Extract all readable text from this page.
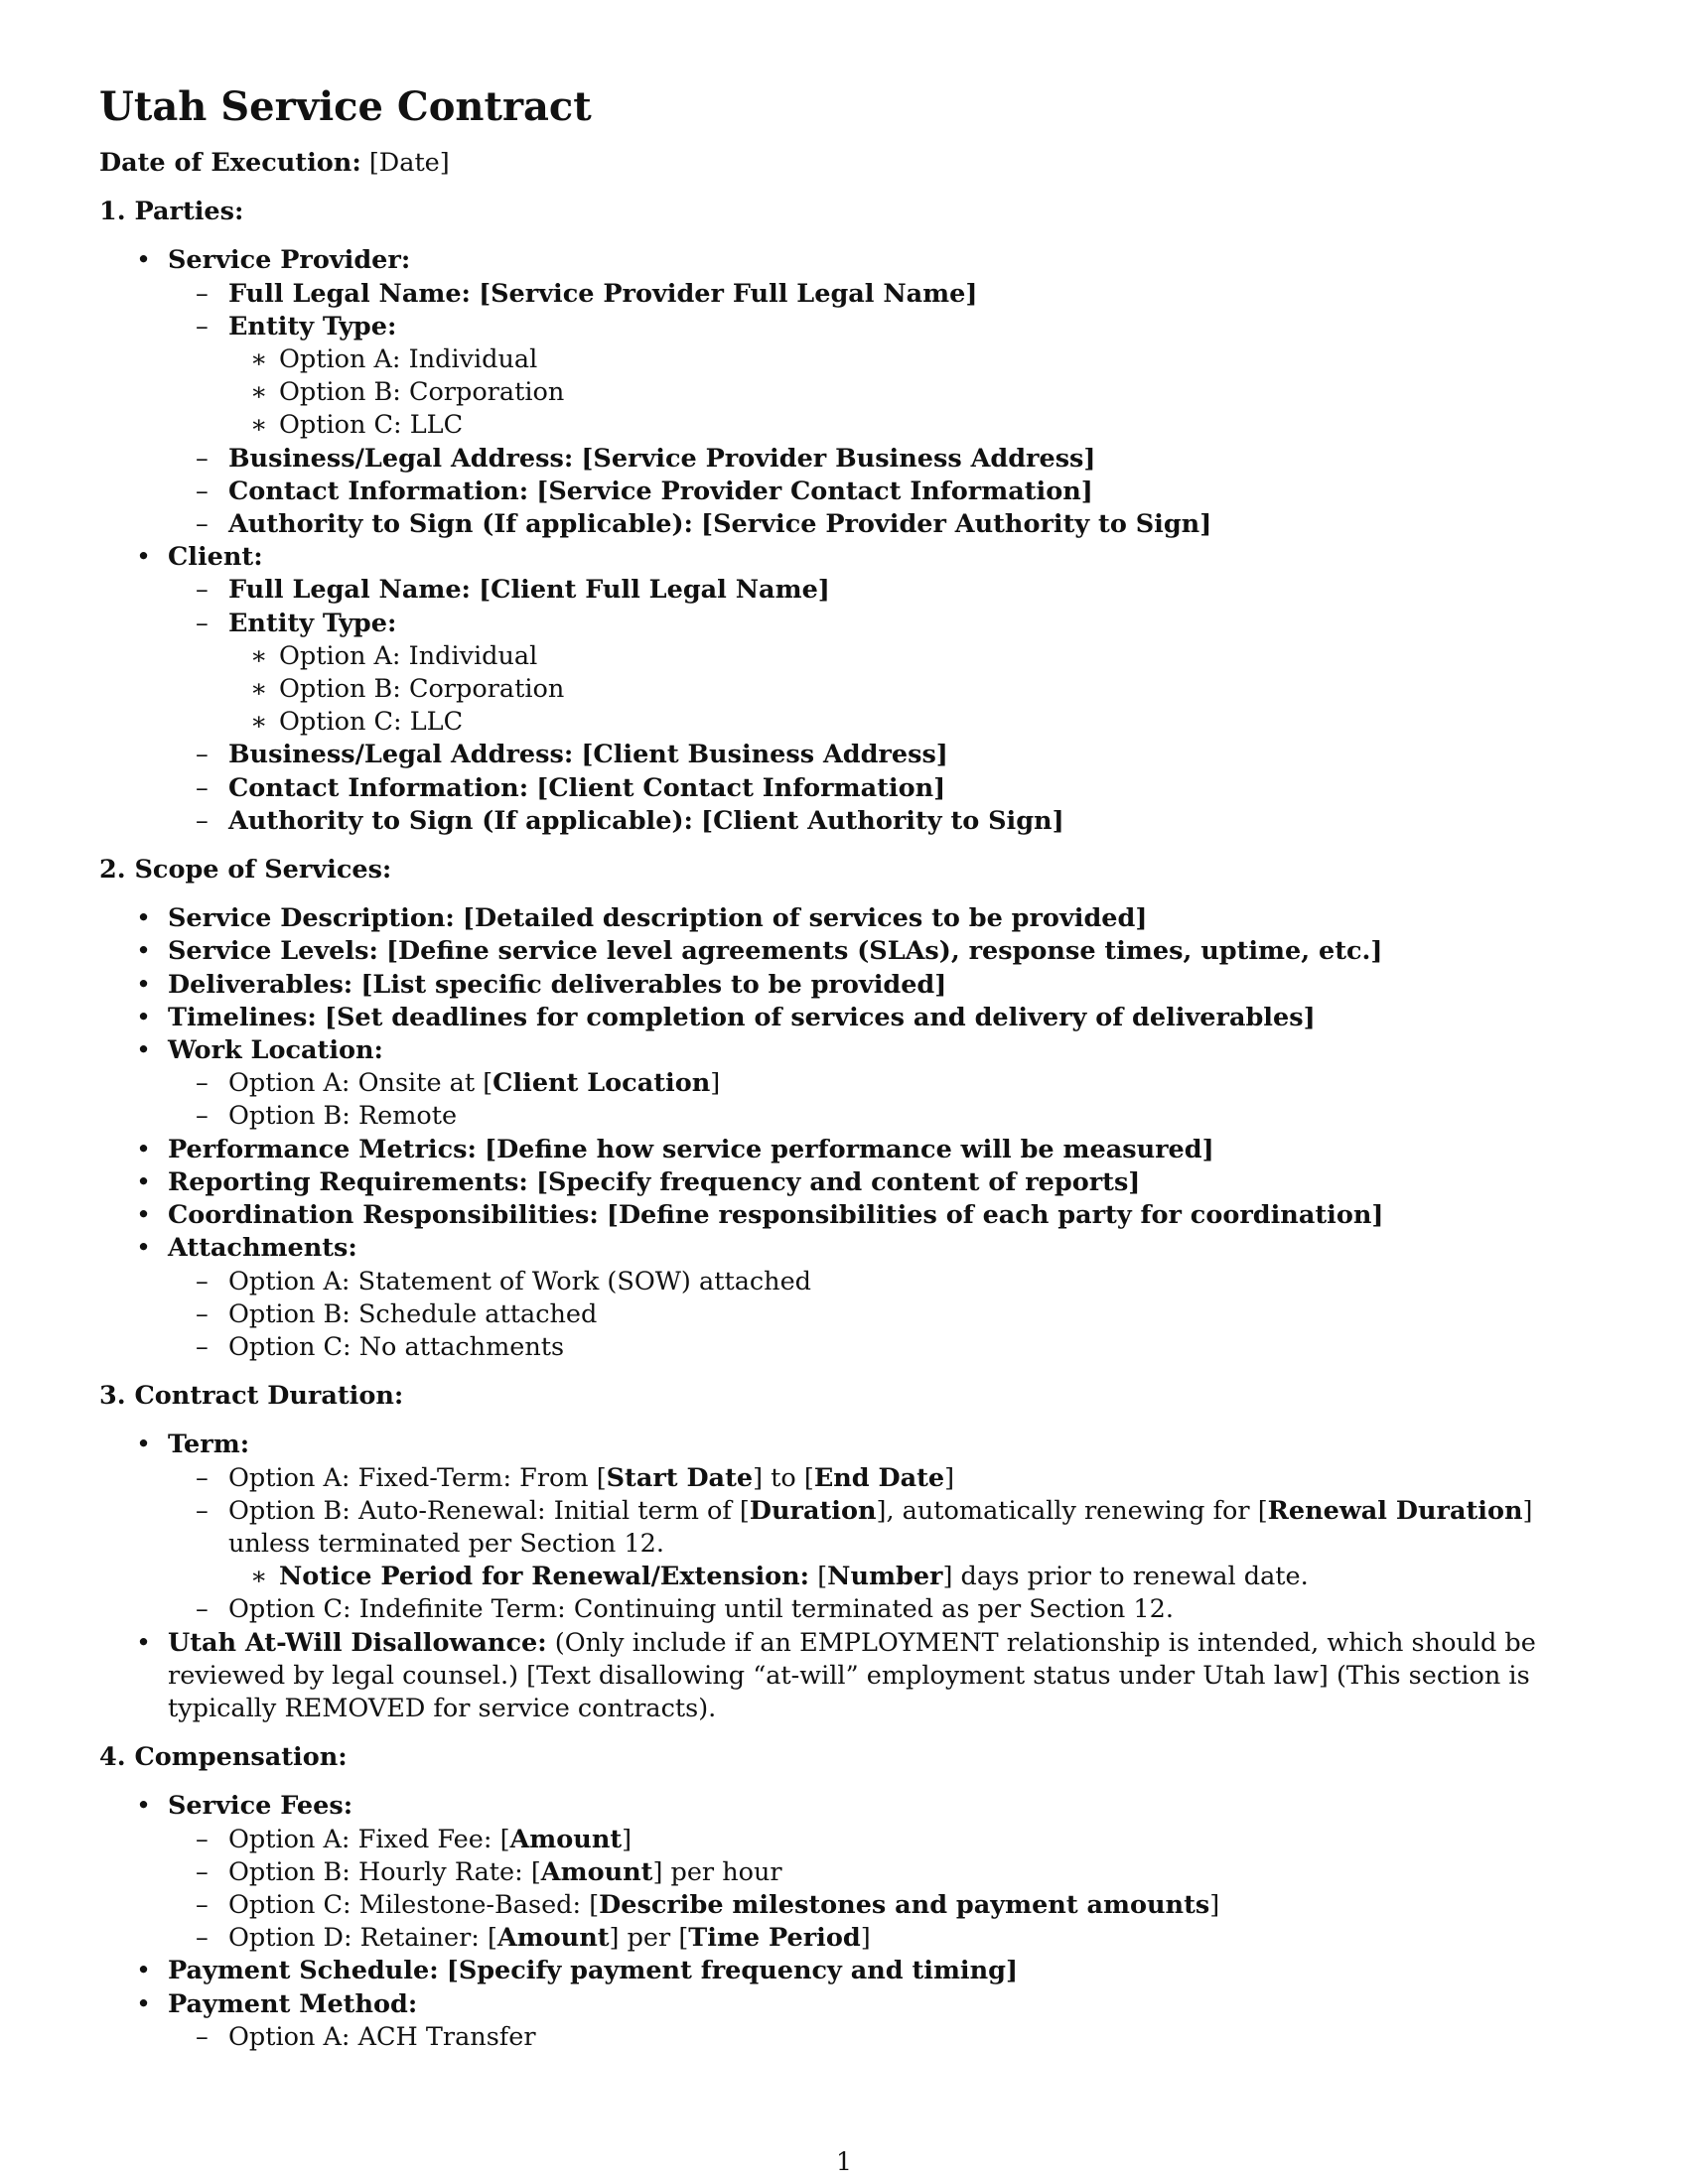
Utah Service Contract
Date of Execution: [Date]
1. Parties:
• Service Provider:
– Full Legal Name: [Service Provider Full Legal Name]
– Entity Type:
∗ Option A: Individual
∗ Option B: Corporation
∗ Option C: LLC
– Business/Legal Address: [Service Provider Business Address]
– Contact Information: [Service Provider Contact Information]
– Authority to Sign (If applicable): [Service Provider Authority to Sign]
• Client:
– Full Legal Name: [Client Full Legal Name]
– Entity Type:
∗ Option A: Individual
∗ Option B: Corporation
∗ Option C: LLC
– Business/Legal Address: [Client Business Address]
– Contact Information: [Client Contact Information]
– Authority to Sign (If applicable): [Client Authority to Sign]
2. Scope of Services:
• Service Description: [Detailed description of services to be provided]
• Service Levels: [Define service level agreements (SLAs), response times, uptime, etc.]
• Deliverables: [List specific deliverables to be provided]
• Timelines: [Set deadlines for completion of services and delivery of deliverables]
• Work Location:
– Option A: Onsite at [Client Location]
– Option B: Remote
• Performance Metrics: [Define how service performance will be measured]
• Reporting Requirements: [Specify frequency and content of reports]
• Coordination Responsibilities: [Define responsibilities of each party for coordination]
• Attachments:
– Option A: Statement of Work (SOW) attached
– Option B: Schedule attached
– Option C: No attachments
3. Contract Duration:
• Term:
– Option A: Fixed-Term: From [Start Date] to [End Date]
– Option B: Auto-Renewal: Initial term of [Duration], automatically renewing for [Renewal Duration] unless terminated per Section 12.
∗ Notice Period for Renewal/Extension: [Number] days prior to renewal date.
– Option C: Indefinite Term: Continuing until terminated as per Section 12.
• Utah At-Will Disallowance: (Only include if an EMPLOYMENT relationship is intended, which should be reviewed by legal counsel.) [Text disallowing “at-will” employment status under Utah law] (This section is typically REMOVED for service contracts).
4. Compensation:
• Service Fees:
– Option A: Fixed Fee: [Amount]
– Option B: Hourly Rate: [Amount] per hour
– Option C: Milestone-Based: [Describe milestones and payment amounts]
– Option D: Retainer: [Amount] per [Time Period]
• Payment Schedule: [Specify payment frequency and timing]
• Payment Method:
– Option A: ACH Transfer
1
